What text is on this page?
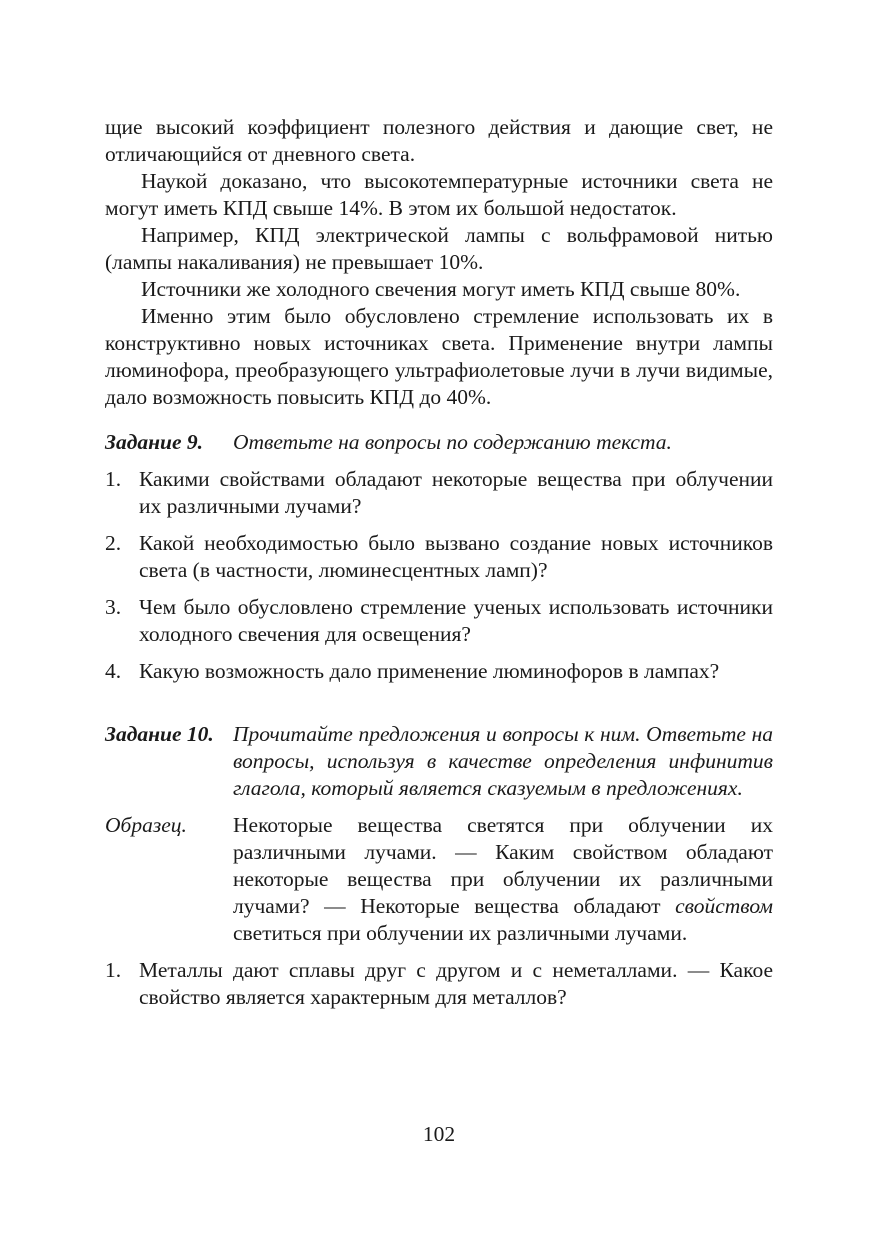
щие высокий коэффициент полезного действия и дающие свет, не отличающийся от дневного света.

Наукой доказано, что высокотемпературные источники света не могут иметь КПД свыше 14%. В этом их большой недостаток.

Например, КПД электрической лампы с вольфрамовой нитью (лампы накаливания) не превышает 10%.

Источники же холодного свечения могут иметь КПД свыше 80%.

Именно этим было обусловлено стремление использовать их в конструктивно новых источниках света. Применение внутри лампы люминофора, преобразующего ультрафиолетовые лучи в лучи видимые, дало возможность повысить КПД до 40%.

Задание 9.	Ответьте на вопросы по содержанию текста.
1. Какими свойствами обладают некоторые вещества при облучении их различными лучами?
2. Какой необходимостью было вызвано создание новых источников света (в частности, люминесцентных ламп)?
3. Чем было обусловлено стремление ученых использовать источники холодного свечения для освещения?
4. Какую возможность дало применение люминофоров в лампах?
Задание 10. Прочитайте предложения и вопросы к ним. Ответьте на вопросы, используя в качестве определения инфинитив глагола, который является сказуемым в предложениях.
Образец.	Некоторые вещества светятся при облучении их различными лучами. — Каким свойством обладают некоторые вещества при облучении их различными лучами? — Некоторые вещества обладают свойством светиться при облучении их различными лучами.
1. Металлы дают сплавы друг с другом и с неметаллами. — Какое свойство является характерным для металлов?
102
